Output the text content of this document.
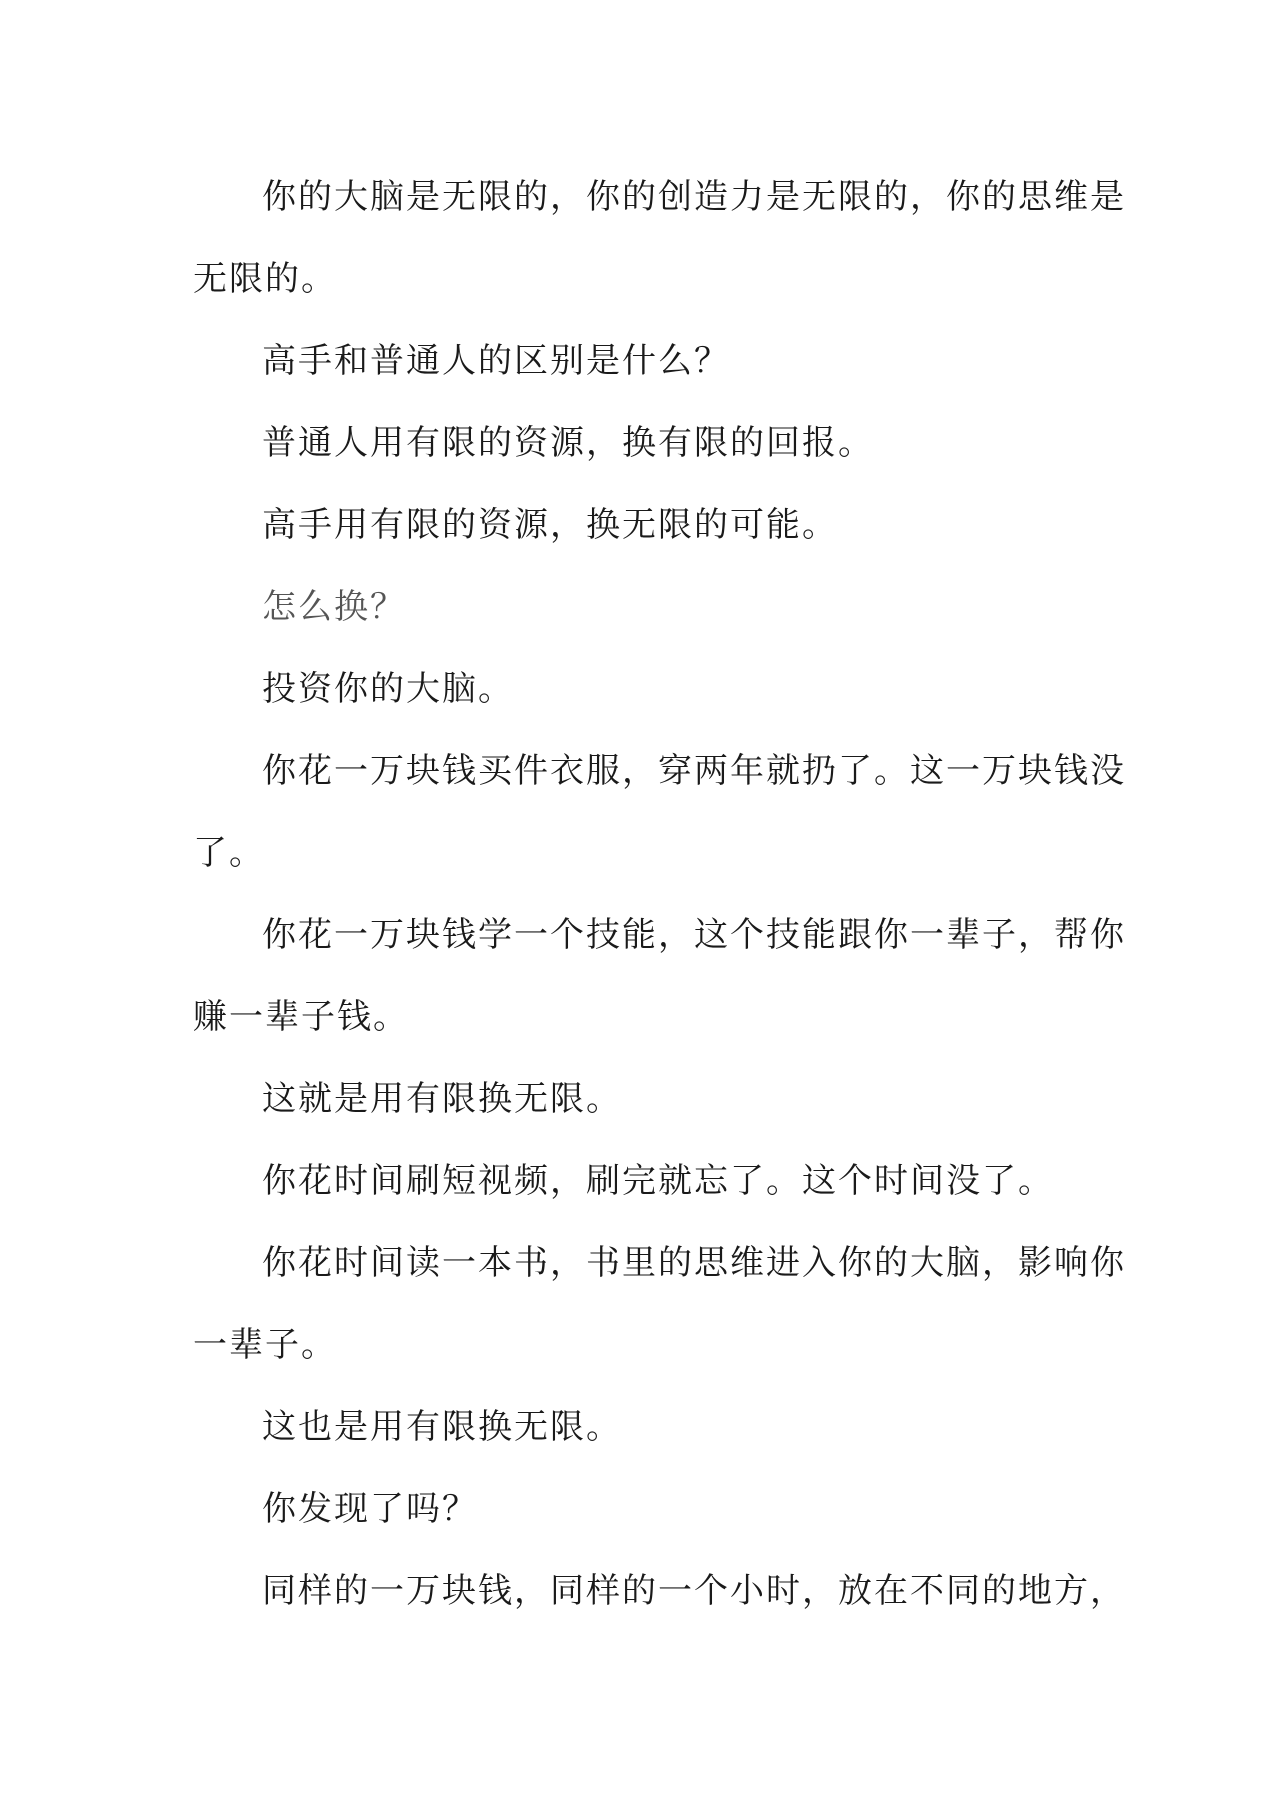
你的大脑是无限的，你的创造力是无限的，你的思维是

无限的。

高手和普通人的区别是什么？

普通人用有限的资源，换有限的回报。

高手用有限的资源，换无限的可能。

怎么换？

投资你的大脑。

你花一万块钱买件衣服，穿两年就扔了。这一万块钱没

了。

你花一万块钱学一个技能，这个技能跟你一辈子，帮你

赚一辈子钱。

这就是用有限换无限。

你花时间刷短视频，刷完就忘了。这个时间没了。

你花时间读一本书，书里的思维进入你的大脑，影响你

一辈子。

这也是用有限换无限。

你发现了吗？

同样的一万块钱，同样的一个小时，放在不同的地方，
